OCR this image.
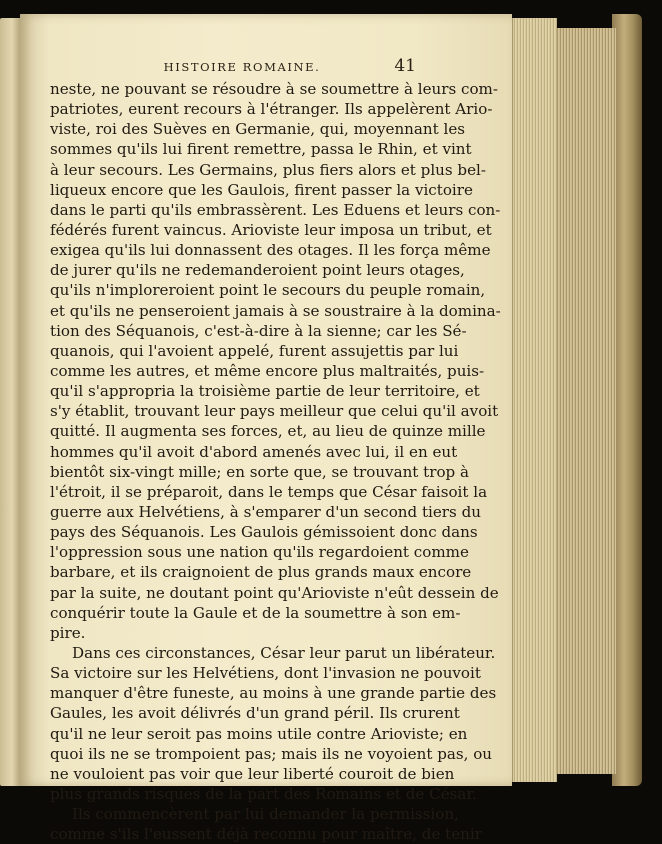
HISTOIRE ROMAINE.	41
neste, ne pouvant se résoudre à se soumettre à leurs com-
patriotes, eurent recours à l'étranger. Ils appelèrent Ario-
viste, roi des Suèves en Germanie, qui, moyennant les
sommes qu'ils lui firent remettre, passa le Rhin, et vint
à leur secours. Les Germains, plus fiers alors et plus bel-
liqueux encore que les Gaulois, firent passer la victoire
dans le parti qu'ils embrassèrent. Les Eduens et leurs con-
fédérés furent vaincus. Arioviste leur imposa un tribut, et
exigea qu'ils lui donnassent des otages. Il les força même
de jurer qu'ils ne redemanderoient point leurs otages,
qu'ils n'imploreroient point le secours du peuple romain,
et qu'ils ne penseroient jamais à se soustraire à la domina-
tion des Séquanois, c'est-à-dire à la sienne; car les Sé-
quanois, qui l'avoient appelé, furent assujettis par lui
comme les autres, et même encore plus maltraités, puis-
qu'il s'appropria la troisième partie de leur territoire, et
s'y établit, trouvant leur pays meilleur que celui qu'il avoit
quitté. Il augmenta ses forces, et, au lieu de quinze mille
hommes qu'il avoit d'abord amenés avec lui, il en eut
bientôt six-vingt mille; en sorte que, se trouvant trop à
l'étroit, il se préparoit, dans le temps que César faisoit la
guerre aux Helvétiens, à s'emparer d'un second tiers du
pays des Séquanois. Les Gaulois gémissoient donc dans
l'oppression sous une nation qu'ils regardoient comme
barbare, et ils craignoient de plus grands maux encore
par la suite, ne doutant point qu'Arioviste n'eût dessein de
conquérir toute la Gaule et de la soumettre à son em-
pire.
Dans ces circonstances, César leur parut un libérateur.
Sa victoire sur les Helvétiens, dont l'invasion ne pouvoit
manquer d'être funeste, au moins à une grande partie des
Gaules, les avoit délivrés d'un grand péril. Ils crurent
qu'il ne leur seroit pas moins utile contre Arioviste; en
quoi ils ne se trompoient pas; mais ils ne voyoient pas, ou
ne vouloient pas voir que leur liberté couroit de bien
plus grands risques de la part des Romains et de César.
Ils commencèrent par lui demander la permission,
comme s'ils l'eussent déjà reconnu pour maître, de tenir
